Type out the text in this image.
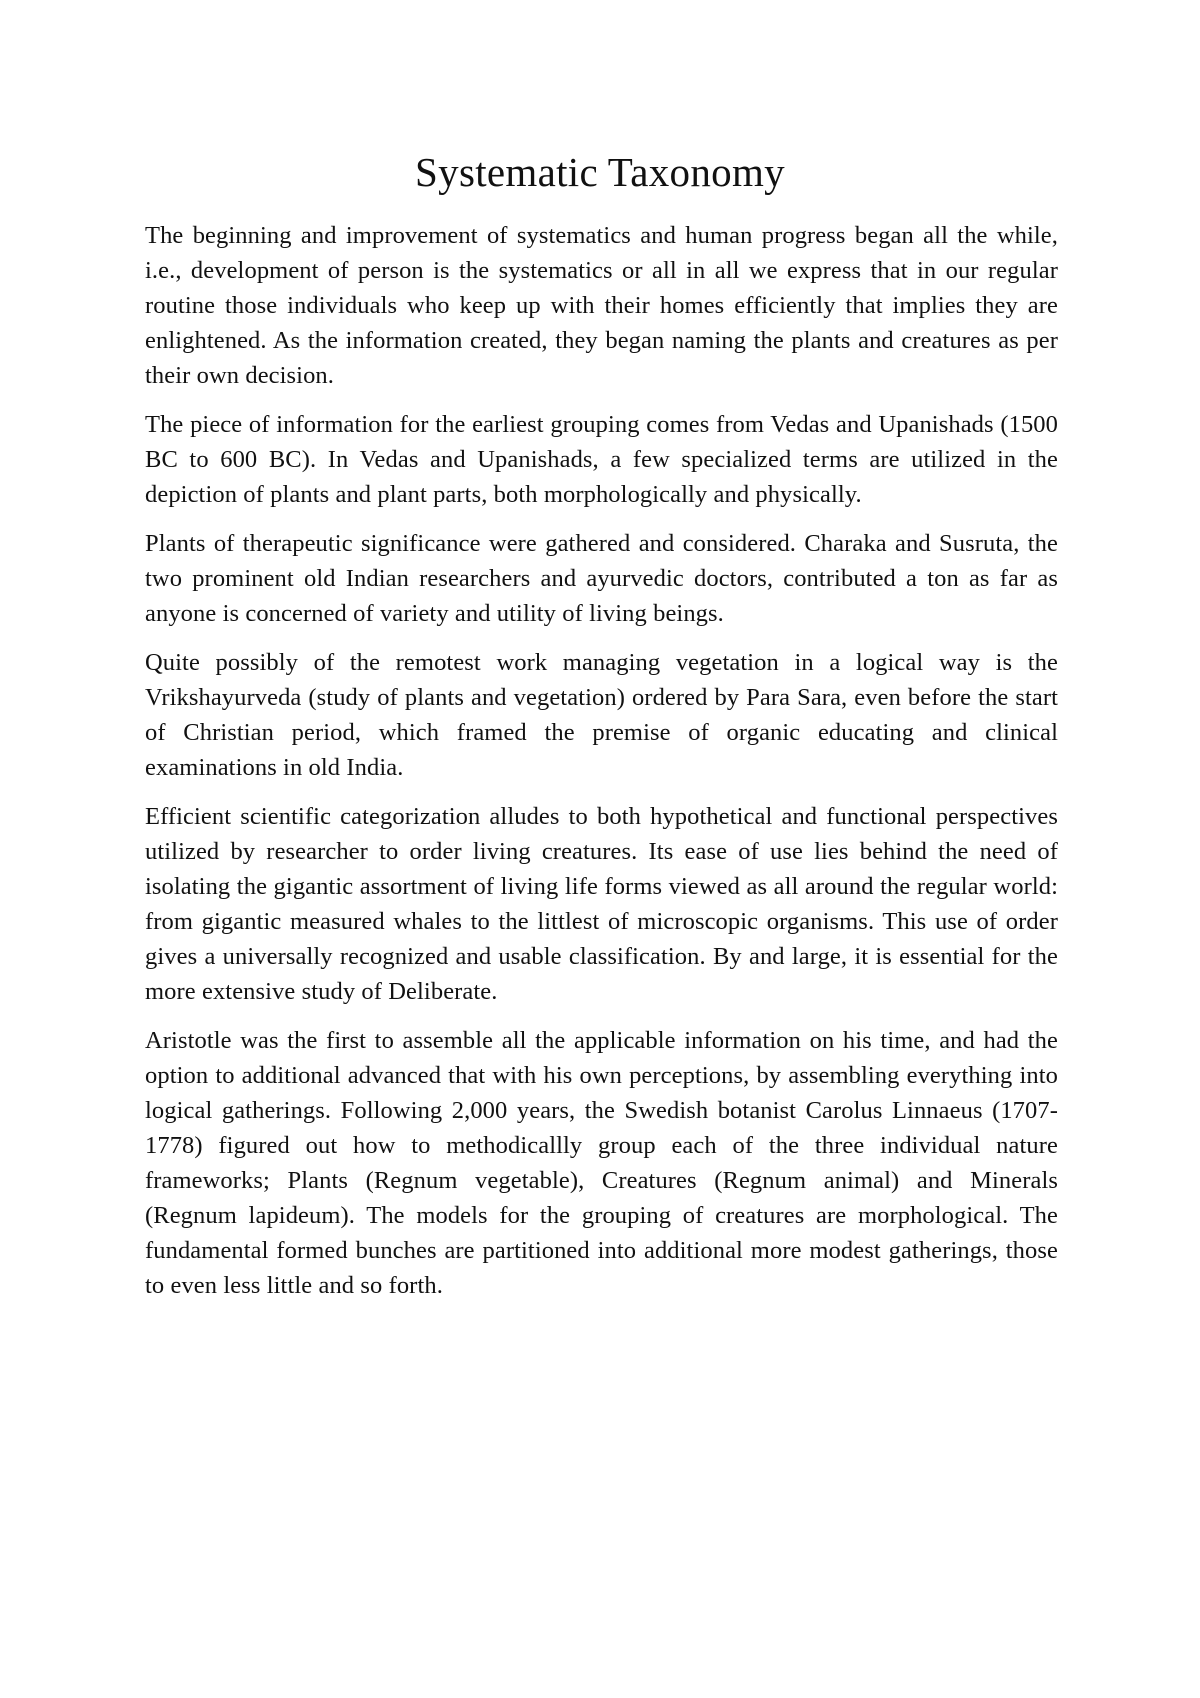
Systematic Taxonomy

The beginning and improvement of systematics and human progress began all the while, i.e., development of person is the systematics or all in all we express that in our regular routine those individuals who keep up with their homes efficiently that implies they are enlightened. As the information created, they began naming the plants and creatures as per their own decision.

The piece of information for the earliest grouping comes from Vedas and Upanishads (1500 BC to 600 BC). In Vedas and Upanishads, a few specialized terms are utilized in the depiction of plants and plant parts, both morphologically and physically.

Plants of therapeutic significance were gathered and considered. Charaka and Susruta, the two prominent old Indian researchers and ayurvedic doctors, contributed a ton as far as anyone is concerned of variety and utility of living beings.

Quite possibly of the remotest work managing vegetation in a logical way is the Vrikshayurveda (study of plants and vegetation) ordered by Para Sara, even before the start of Christian period, which framed the premise of organic educating and clinical examinations in old India.

Efficient scientific categorization alludes to both hypothetical and functional perspectives utilized by researcher to order living creatures. Its ease of use lies behind the need of isolating the gigantic assortment of living life forms viewed as all around the regular world: from gigantic measured whales to the littlest of microscopic organisms. This use of order gives a universally recognized and usable classification. By and large, it is essential for the more extensive study of Deliberate.

Aristotle was the first to assemble all the applicable information on his time, and had the option to additional advanced that with his own perceptions, by assembling everything into logical gatherings. Following 2,000 years, the Swedish botanist Carolus Linnaeus (1707-1778) figured out how to methodicallly group each of the three individual nature frameworks; Plants (Regnum vegetable), Creatures (Regnum animal) and Minerals (Regnum lapideum). The models for the grouping of creatures are morphological. The fundamental formed bunches are partitioned into additional more modest gatherings, those to even less little and so forth.
